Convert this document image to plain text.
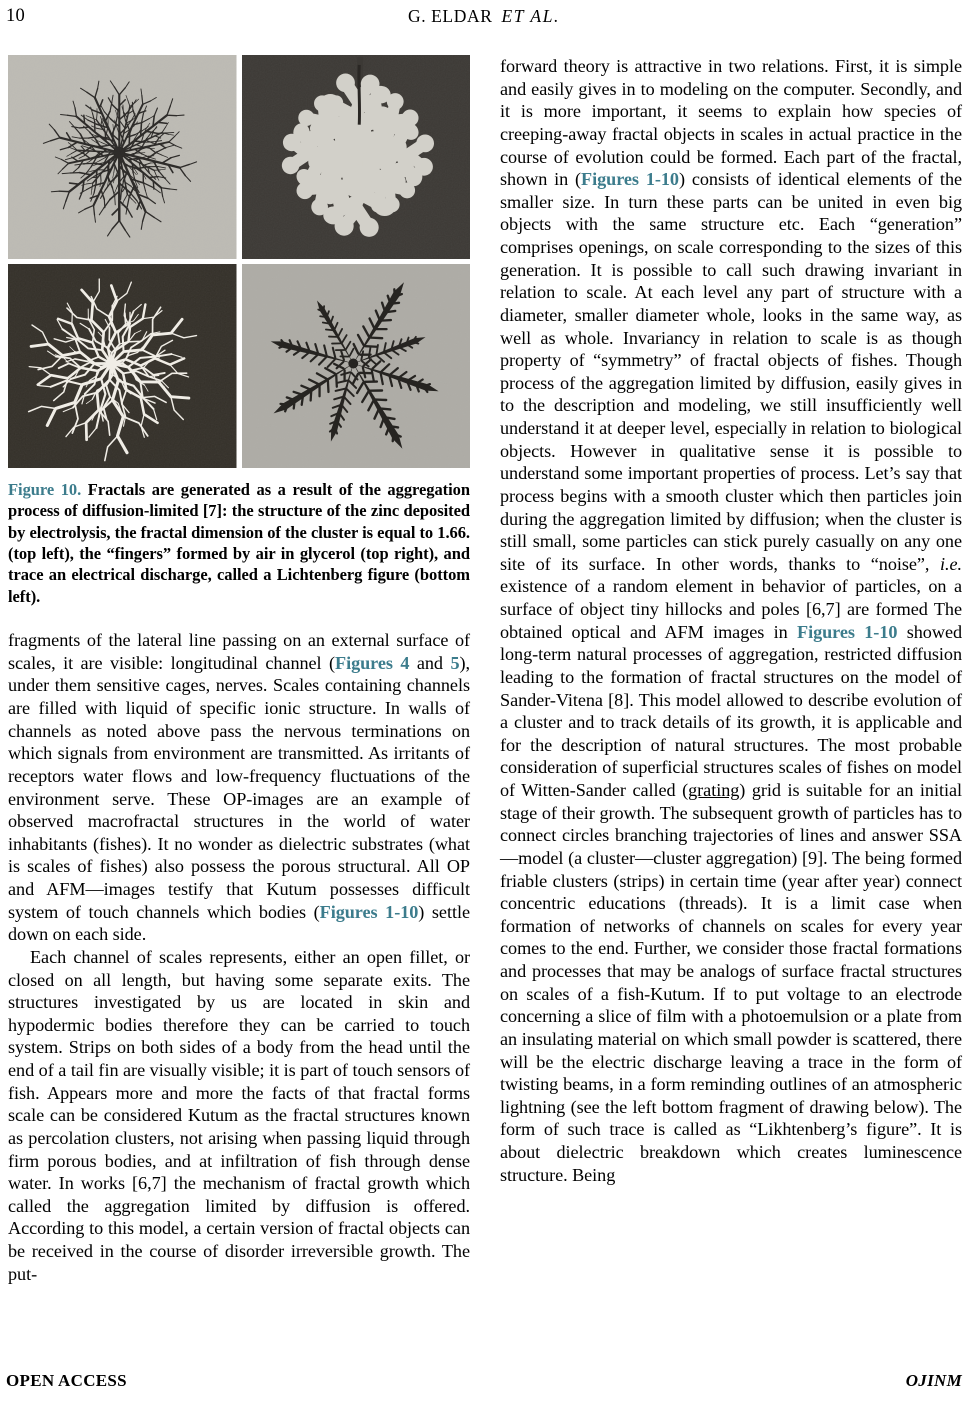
10	G. ELDAR ET AL.
Figure 10. Fractals are generated as a result of the aggregation process of diffusion-limited [7]: the structure of the zinc deposited by electrolysis, the fractal dimension of the cluster is equal to 1.66. (top left), the “fingers” formed by air in glycerol (top right), and trace an electrical discharge, called a Lichtenberg figure (bottom left).

fragments of the lateral line passing on an external surface of scales, it are visible: longitudinal channel (Figures 4 and 5), under them sensitive cages, nerves. Scales containing channels are filled with liquid of specific ionic structure. In walls of channels as noted above pass the nervous terminations on which signals from environment are transmitted. As irritants of receptors water flows and low-frequency fluctuations of the environment serve. These OP-images are an example of observed macrofractal structures in the world of water inhabitants (fishes). It no wonder as dielectric substrates (what is scales of fishes) also possess the porous structural. All OP and AFM—images testify that Kutum possesses difficult system of touch channels which bodies (Figures 1-10) settle down on each side.

Each channel of scales represents, either an open fillet, or closed on all length, but having some separate exits. The structures investigated by us are located in skin and hypodermic bodies therefore they can be carried to touch system. Strips on both sides of a body from the head until the end of a tail fin are visually visible; it is part of touch sensors of fish. Appears more and more the facts of that fractal forms scale can be considered Kutum as the fractal structures known as percolation clusters, not arising when passing liquid through firm porous bodies, and at infiltration of fish through dense water. In works [6,7] the mechanism of fractal growth which called the aggregation limited by diffusion is offered. According to this model, a certain version of fractal objects can be received in the course of disorder irreversible growth. The put-

forward theory is attractive in two relations. First, it is simple and easily gives in to modeling on the computer. Secondly, and it is more important, it seems to explain how species of creeping-away fractal objects in scales in actual practice in the course of evolution could be formed. Each part of the fractal, shown in (Figures 1-10) consists of identical elements of the smaller size. In turn these parts can be united in even big objects with the same structure etc. Each “generation” comprises openings, on scale corresponding to the sizes of this generation. It is possible to call such drawing invariant in relation to scale. At each level any part of structure with a diameter, smaller diameter whole, looks in the same way, as well as whole. Invariancy in relation to scale is as though property of “symmetry” of fractal objects of fishes. Though process of the aggregation limited by diffusion, easily gives in to the description and modeling, we still insufficiently well understand it at deeper level, especially in relation to biological objects. However in qualitative sense it is possible to understand some important properties of process. Let’s say that process begins with a smooth cluster which then particles join during the aggregation limited by diffusion; when the cluster is still small, some particles can stick purely casually on any one site of its surface. In other words, thanks to “noise”, i.e. existence of a random element in behavior of particles, on a surface of object tiny hillocks and poles [6,7] are formed The obtained optical and AFM images in Figures 1-10 showed long-term natural processes of aggregation, restricted diffusion leading to the formation of fractal structures on the model of Sander-Vitena [8]. This model allowed to describe evolution of a cluster and to track details of its growth, it is applicable and for the description of natural structures. The most probable consideration of superficial structures scales of fishes on model of Witten-Sander called (grating) grid is suitable for an initial stage of their growth. The subsequent growth of particles has to connect circles branching trajectories of lines and answer SSA—model (a cluster—cluster aggregation) [9]. The being formed friable clusters (strips) in certain time (year after year) connect concentric educations (threads). It is a limit case when formation of networks of channels on scales for every year comes to the end. Further, we consider those fractal formations and processes that may be analogs of surface fractal structures on scales of a fish-Kutum. If to put voltage to an electrode concerning a slice of film with a photoemulsion or a plate from an insulating material on which small powder is scattered, there will be the electric discharge leaving a trace in the form of twisting beams, in a form reminding outlines of an atmospheric lightning (see the left bottom fragment of drawing below). The form of such trace is called as “Likhtenberg’s figure”. It is about dielectric breakdown which creates luminescence structure. Being

OPEN ACCESS	OJINM
